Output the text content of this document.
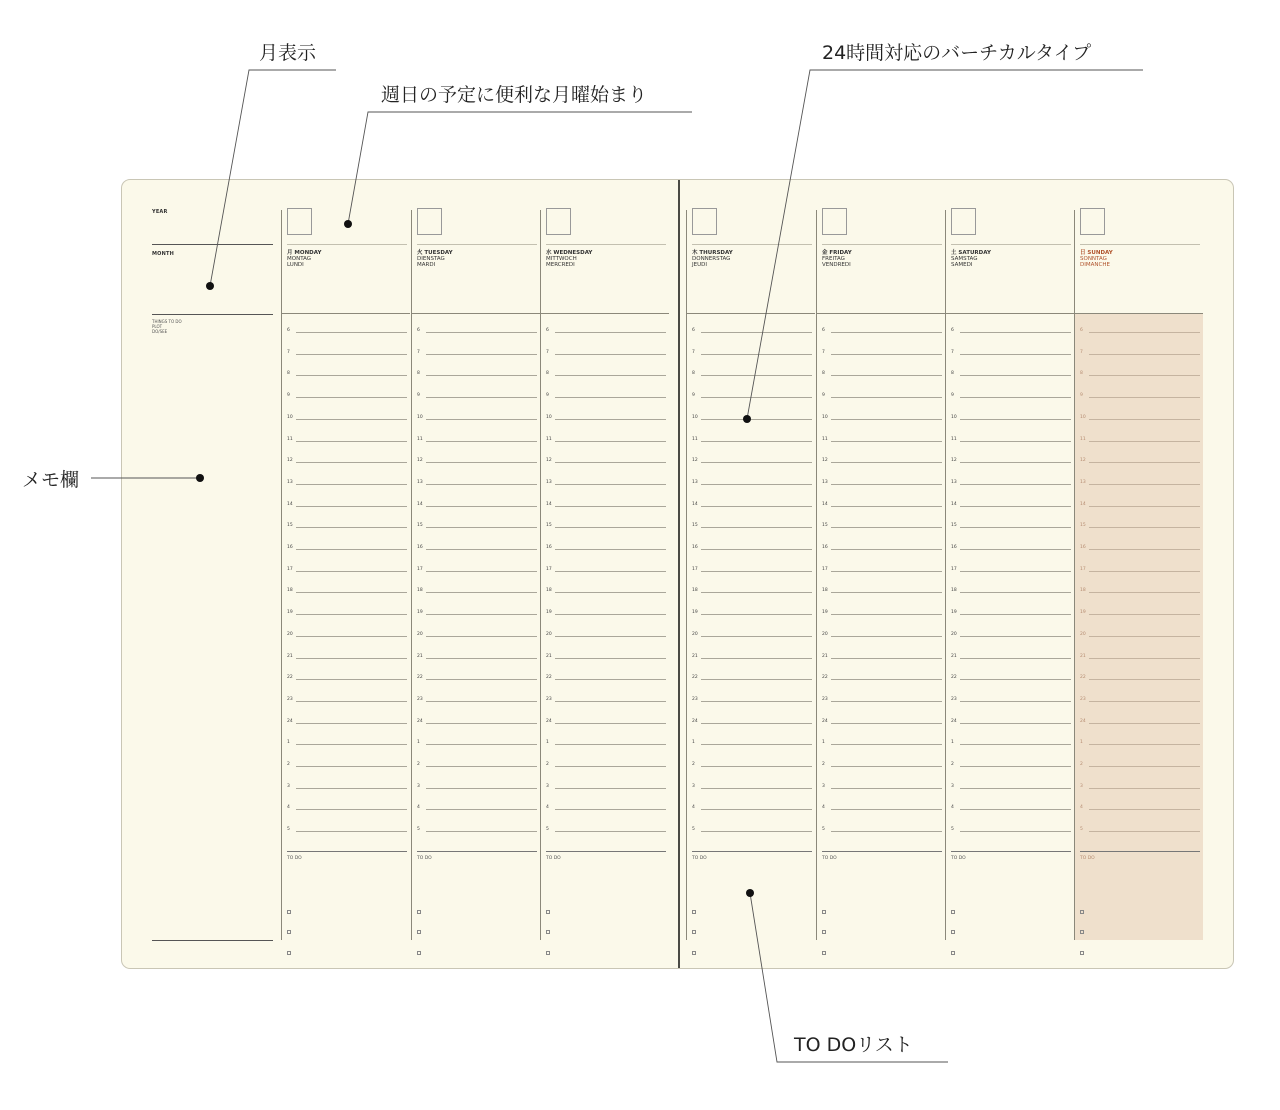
月表示
週日の予定に便利な月曜始まり
24時間対応のバーチカルタイプ
メモ欄
TO DOリスト
YEAR
MONTH
THINGS TO DO
PLOT
DO/SEE
月 MONDAY
MONTAG
LUNDI
6
7
8
9
10
11
12
13
14
15
16
17
18
19
20
21
22
23
24
1
2
3
4
5
TO DO
火 TUESDAY
DIENSTAG
MARDI
6
7
8
9
10
11
12
13
14
15
16
17
18
19
20
21
22
23
24
1
2
3
4
5
TO DO
水 WEDNESDAY
MITTWOCH
MERCREDI
6
7
8
9
10
11
12
13
14
15
16
17
18
19
20
21
22
23
24
1
2
3
4
5
TO DO
木 THURSDAY
DONNERSTAG
JEUDI
6
7
8
9
10
11
12
13
14
15
16
17
18
19
20
21
22
23
24
1
2
3
4
5
TO DO
金 FRIDAY
FREITAG
VENDREDI
6
7
8
9
10
11
12
13
14
15
16
17
18
19
20
21
22
23
24
1
2
3
4
5
TO DO
土 SATURDAY
SAMSTAG
SAMEDI
6
7
8
9
10
11
12
13
14
15
16
17
18
19
20
21
22
23
24
1
2
3
4
5
TO DO
日 SUNDAY
SONNTAG
DIMANCHE
6
7
8
9
10
11
12
13
14
15
16
17
18
19
20
21
22
23
24
1
2
3
4
5
TO DO
